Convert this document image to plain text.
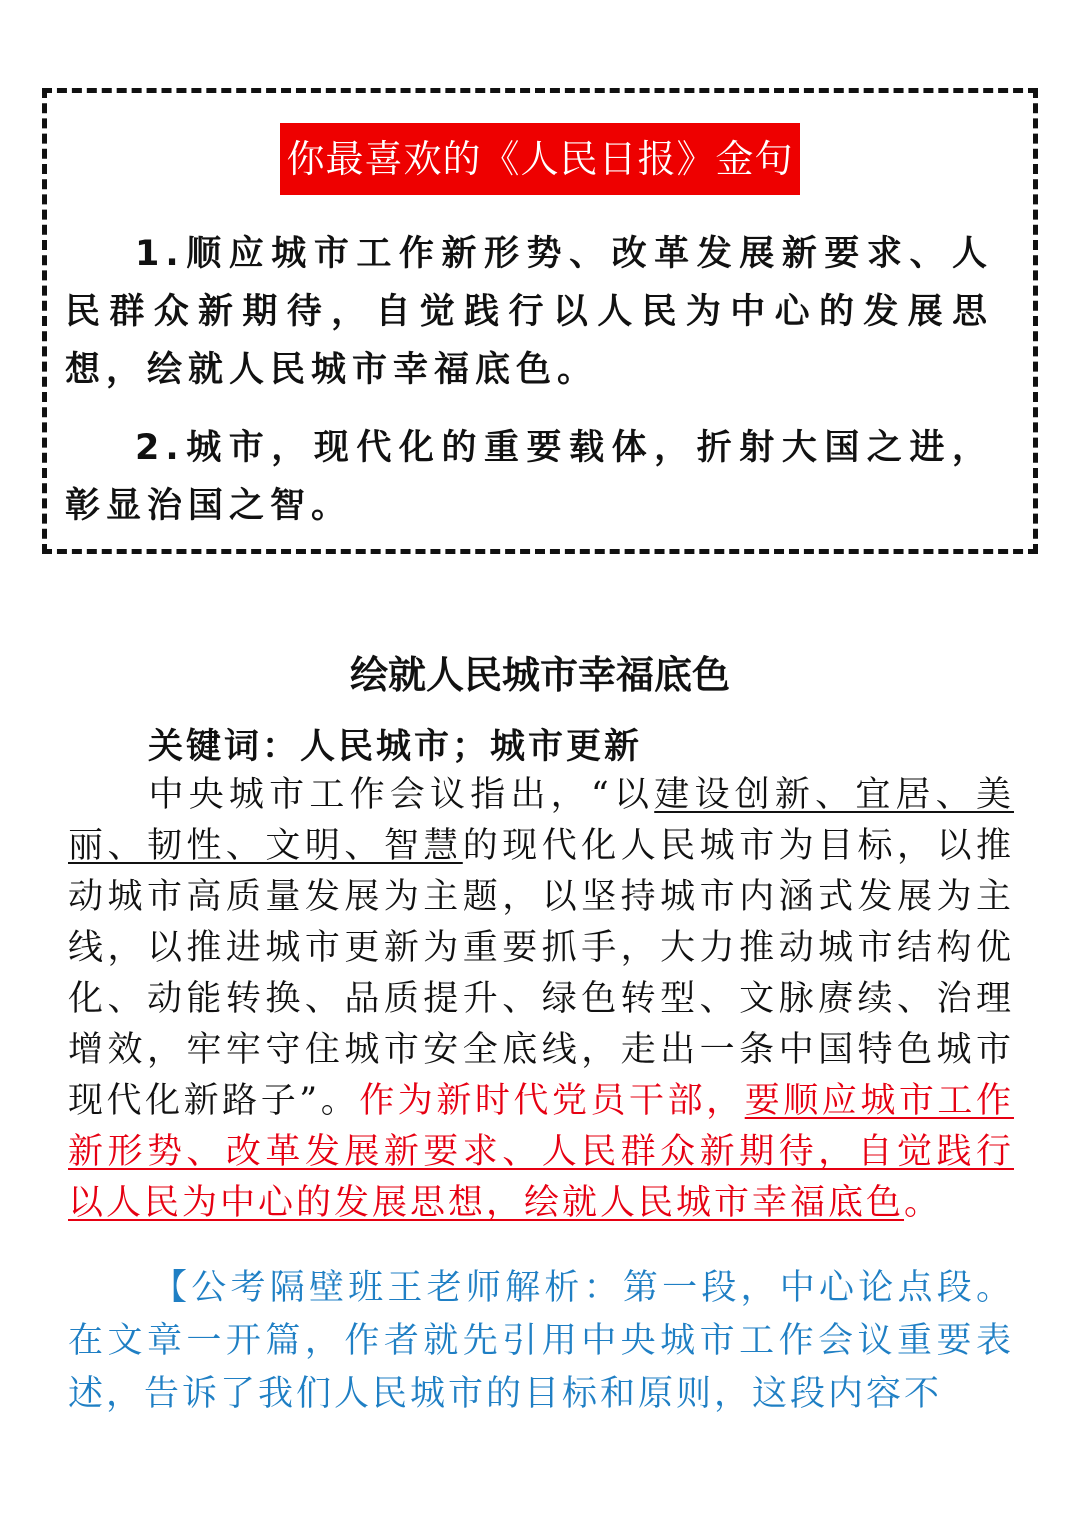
你最喜欢的《人民日报》金句
1.顺应城市工作新形势、改革发展新要求、人民群众新期待，自觉践行以人民为中心的发展思想，绘就人民城市幸福底色。
2.城市，现代化的重要载体，折射大国之进，彰显治国之智。
绘就人民城市幸福底色
关键词：人民城市；城市更新
中央城市工作会议指出，“以建设创新、宜居、美丽、韧性、文明、智慧的现代化人民城市为目标，以推动城市高质量发展为主题，以坚持城市内涵式发展为主线，以推进城市更新为重要抓手，大力推动城市结构优化、动能转换、品质提升、绿色转型、文脉赓续、治理增效，牢牢守住城市安全底线，走出一条中国特色城市现代化新路子”。作为新时代党员干部，要顺应城市工作新形势、改革发展新要求、人民群众新期待，自觉践行以人民为中心的发展思想，绘就人民城市幸福底色。
【公考隔壁班王老师解析：第一段，中心论点段。在文章一开篇，作者就先引用中央城市工作会议重要表述，告诉了我们人民城市的目标和原则，这段内容不
